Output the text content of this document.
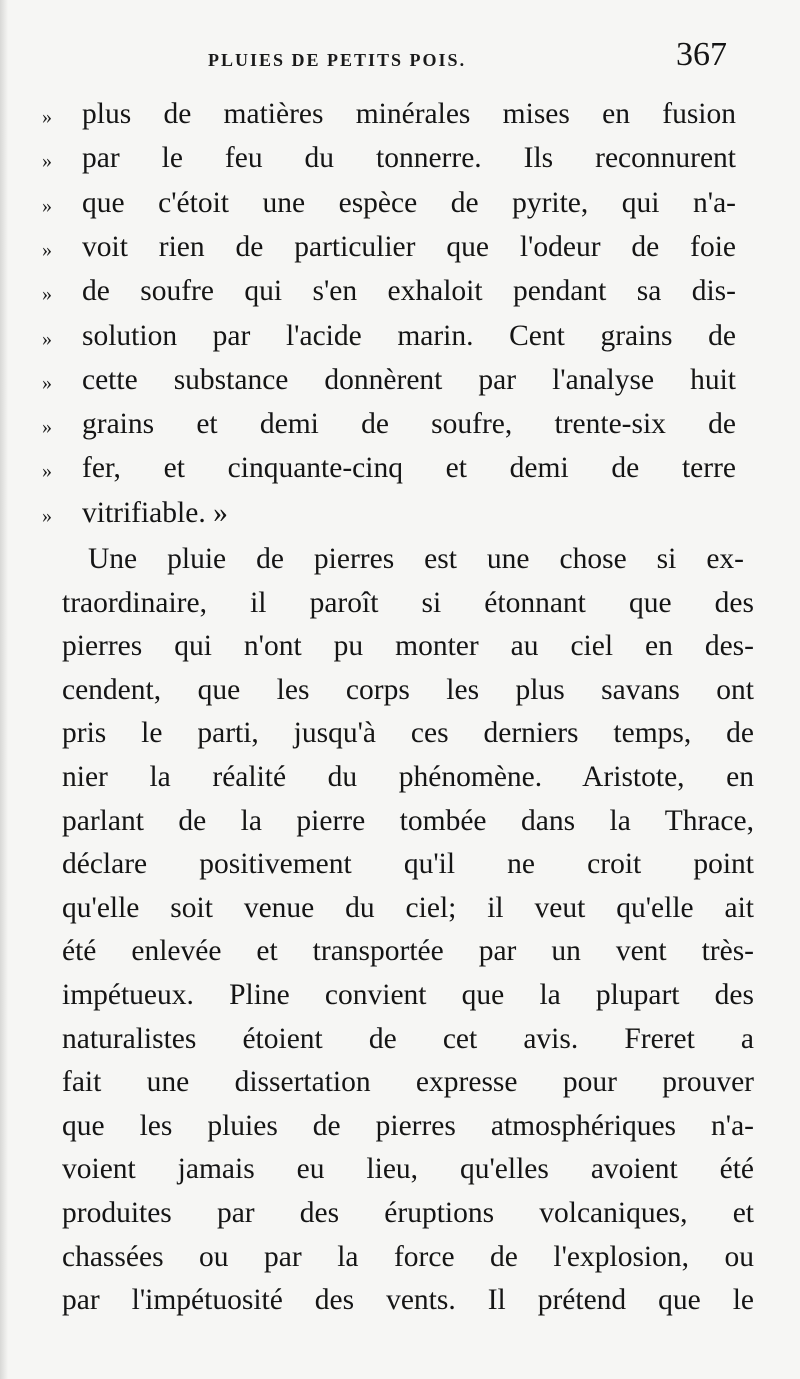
PLUIES DE PETITS POIS.	367
» plus de matières minérales mises en fusion
» par le feu du tonnerre. Ils reconnurent
» que c'étoit une espèce de pyrite, qui n'a-
» voit rien de particulier que l'odeur de foie
» de soufre qui s'en exhaloit pendant sa dis-
» solution par l'acide marin. Cent grains de
» cette substance donnèrent par l'analyse huit
» grains et demi de soufre, trente-six de
» fer, et cinquante-cinq et demi de terre
» vitrifiable. »
Une pluie de pierres est une chose si ex-
traordinaire, il paroît si étonnant que des
pierres qui n'ont pu monter au ciel en des-
cendent, que les corps les plus savans ont
pris le parti, jusqu'à ces derniers temps, de
nier la réalité du phénomène. Aristote, en
parlant de la pierre tombée dans la Thrace,
déclare positivement qu'il ne croit point
qu'elle soit venue du ciel; il veut qu'elle ait
été enlevée et transportée par un vent très-
impétueux. Pline convient que la plupart des
naturalistes étoient de cet avis. Freret a
fait une dissertation expresse pour prouver
que les pluies de pierres atmosphériques n'a-
voient jamais eu lieu, qu'elles avoient été
produites par des éruptions volcaniques, et
chassées ou par la force de l'explosion, ou
par l'impétuosité des vents. Il prétend que le
